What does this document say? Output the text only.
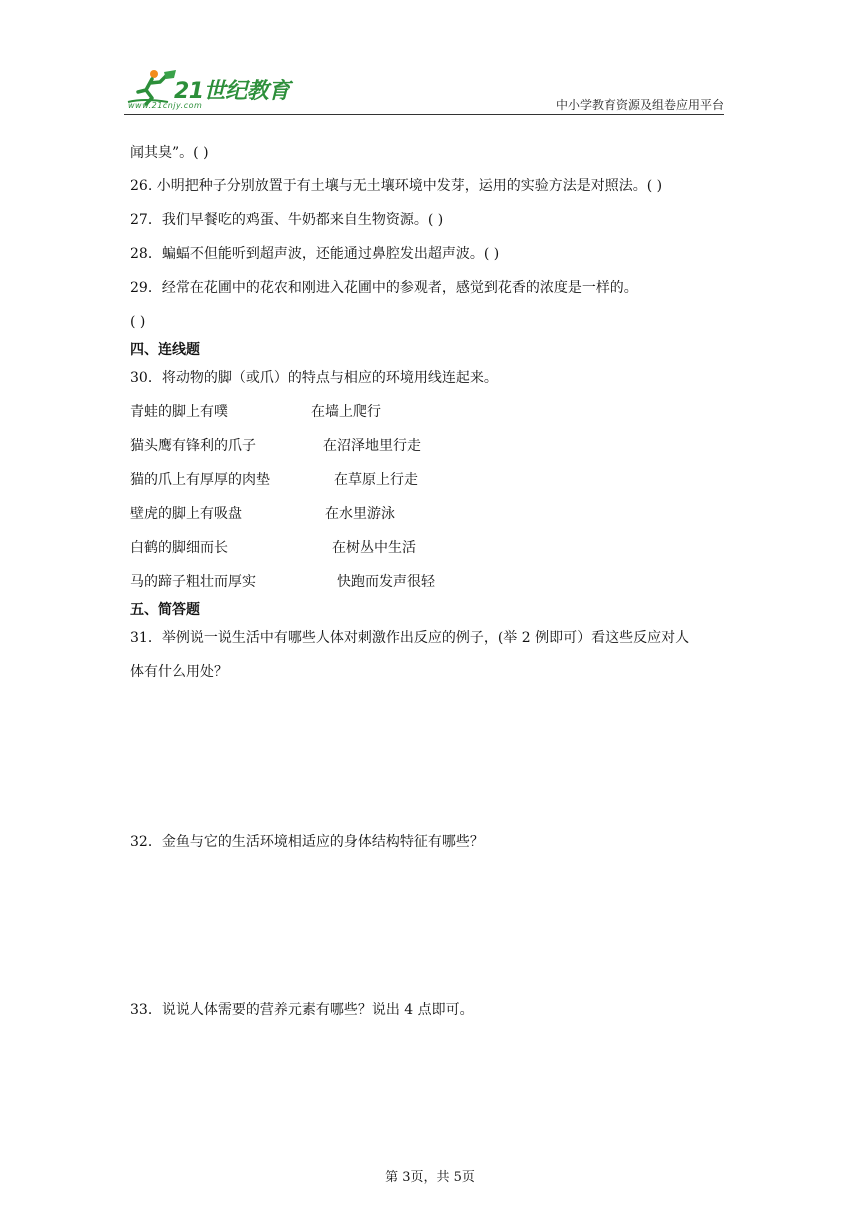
21世纪教育
www.21cnjy.com	中小学教育资源及组卷应用平台
闻其臭”。( )
26. 小明把种子分别放置于有土壤与无土壤环境中发芽，运用的实验方法是对照法。( )
27．我们早餐吃的鸡蛋、牛奶都来自生物资源。( )
28．蝙蝠不但能听到超声波，还能通过鼻腔发出超声波。( )
29．经常在花圃中的花农和刚进入花圃中的参观者，感觉到花香的浓度是一样的。
( )
四、连线题
30．将动物的脚（或爪）的特点与相应的环境用线连起来。
青蛙的脚上有噗	在墙上爬行
猫头鹰有锋利的爪子	在沼泽地里行走
猫的爪上有厚厚的肉垫	在草原上行走
壁虎的脚上有吸盘	在水里游泳
白鹤的脚细而长	在树丛中生活
马的蹄子粗壮而厚实	快跑而发声很轻
五、简答题
31．举例说一说生活中有哪些人体对刺激作出反应的例子，(举 2 例即可）看这些反应对人
体有什么用处？
32．金鱼与它的生活环境相适应的身体结构特征有哪些？
33．说说人体需要的营养元素有哪些？说出 4 点即可。
第 3页，共 5页
